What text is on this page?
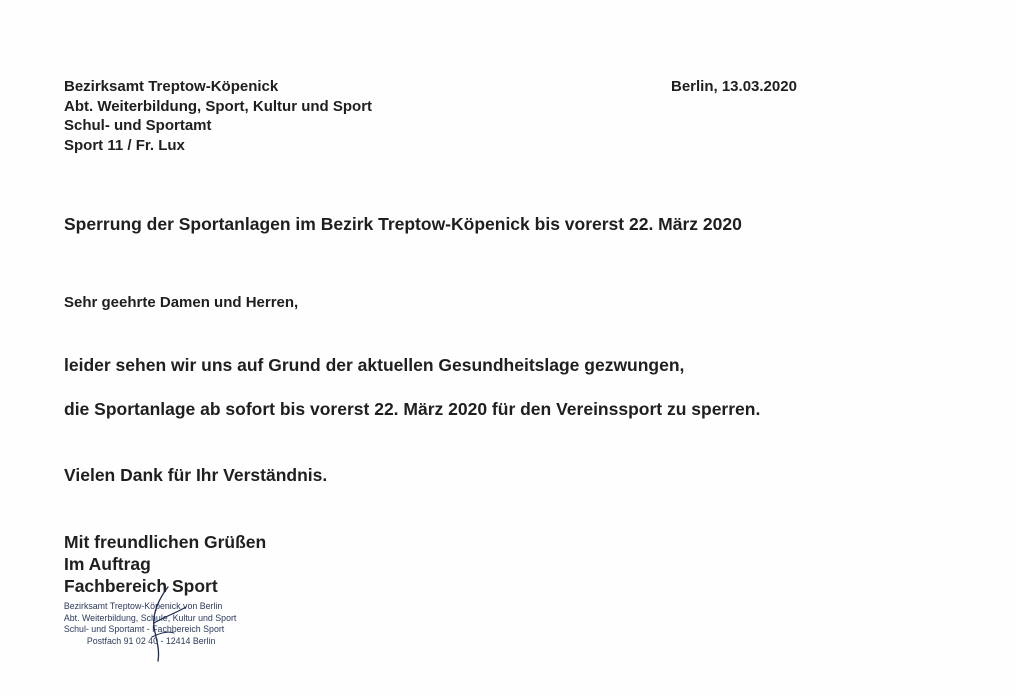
Bezirksamt Treptow-Köpenick
Abt. Weiterbildung, Sport, Kultur und Sport
Schul- und Sportamt
Sport 11 / Fr. Lux
Berlin, 13.03.2020
Sperrung der Sportanlagen im Bezirk Treptow-Köpenick bis vorerst 22. März 2020
Sehr geehrte Damen und Herren,
leider sehen wir uns auf Grund der aktuellen Gesundheitslage gezwungen,
die Sportanlage ab sofort bis vorerst 22. März 2020 für den Vereinssport zu sperren.
Vielen Dank für Ihr Verständnis.
Mit freundlichen Grüßen
Im Auftrag
Fachbereich Sport
Bezirksamt Treptow-Köpenick von Berlin
Abt. Weiterbildung, Schule, Kultur und Sport
Schul- und Sportamt - Fachbereich Sport
Postfach 91 02 40 - 12414 Berlin
